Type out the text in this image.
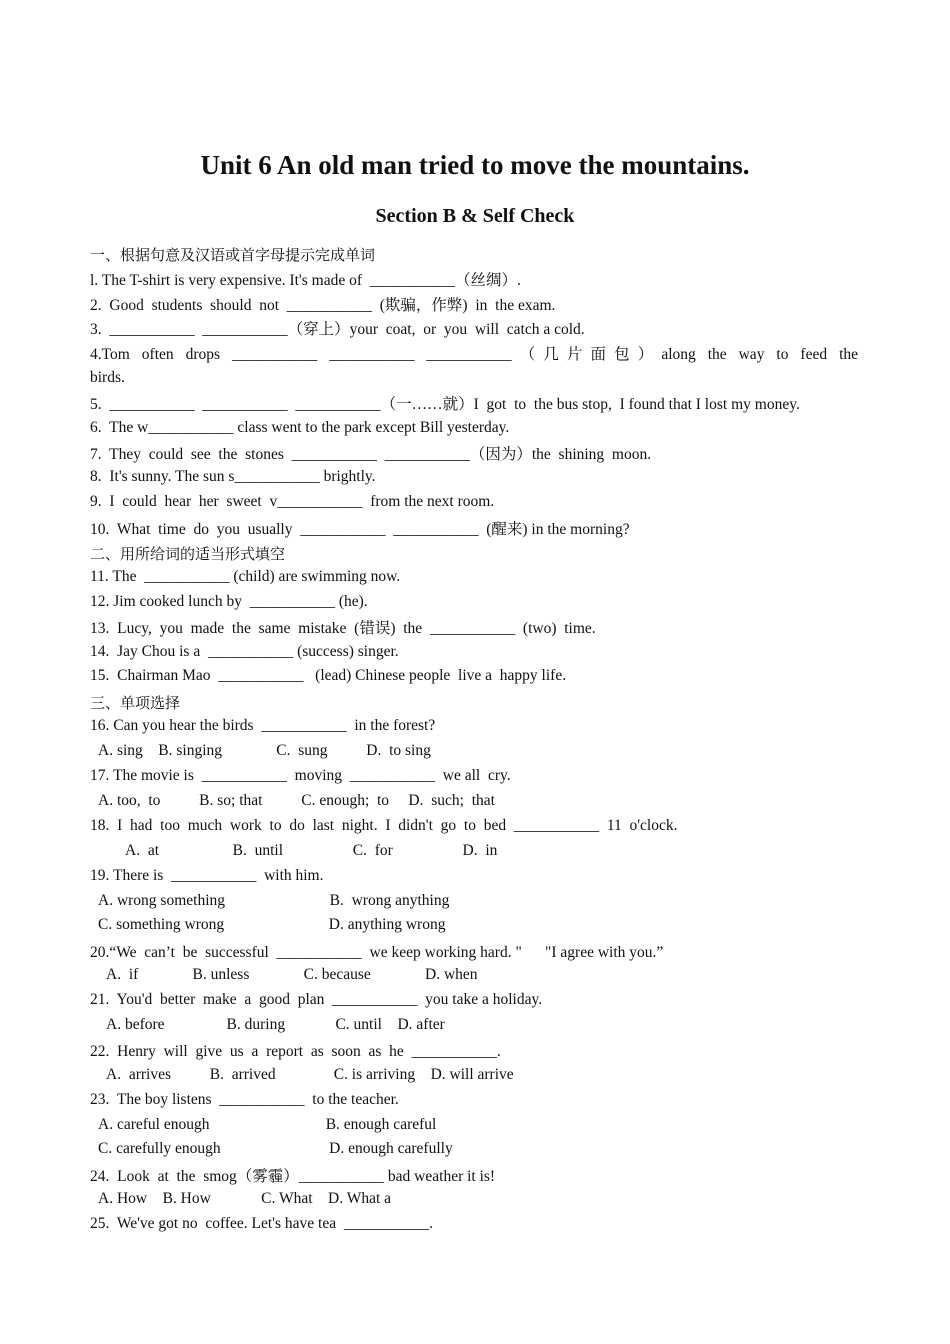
Unit 6 An old man tried to move the mountains.
Section B & Self Check
一、根据句意及汉语或首字母提示完成单词
l. The T-shirt is very expensive. It's made of  ___________（丝绸）.
2.  Good  students  should  not  ___________  (欺骗，作弊)  in  the exam.
3.  ___________  ___________（穿上）your  coat,  or  you  will  catch a cold.
4.Tom often drops ___________ ___________ ___________（几片面包）along the way to feed the
birds.
5.  ___________  ___________  ___________（一……就）I  got  to  the bus stop,  I found that I lost my money.
6.  The w___________ class went to the park except Bill yesterday.
7.  They  could  see  the  stones  ___________  ___________（因为）the  shining  moon.
8.  It's sunny. The sun s___________ brightly.
9.  I  could  hear  her  sweet  v___________  from the next room.
10.  What  time  do  you  usually  ___________  ___________  (醒来) in the morning?
二、用所给词的适当形式填空
11. The  ___________ (child) are swimming now.
12. Jim cooked lunch by  ___________ (he).
13.  Lucy,  you  made  the  same  mistake  (错误)  the  ___________  (two)  time.
14.  Jay Chou is a  ___________ (success) singer.
15.  Chairman Mao  ___________   (lead) Chinese people  live a  happy life.
三、单项选择
16. Can you hear the birds  ___________  in the forest?
A. sing    B. singing              C.  sung          D.  to sing
17. The movie is  ___________  moving  ___________  we all  cry.
A. too,  to          B. so; that          C. enough;  to     D.  such;  that
18.  I  had  too  much  work  to  do  last  night.  I  didn't  go  to  bed  ___________  11  o'clock.
A.  at                   B.  until                  C.  for                  D.  in
19. There is  ___________  with him.
A. wrong something                           B.  wrong anything
C. something wrong                           D. anything wrong
20.“We  can’t  be  successful  ___________  we keep working hard. "      "I agree with you.”
A.  if              B. unless              C. because              D. when
21.  You'd  better  make  a  good  plan  ___________  you take a holiday.
A. before                B. during             C. until    D. after
22.  Henry  will  give  us  a  report  as  soon  as  he  ___________.
A.  arrives          B.  arrived               C. is arriving    D. will arrive
23.  The boy listens  ___________  to the teacher.
A. careful enough                              B. enough careful
C. carefully enough                            D. enough carefully
24.  Look  at  the  smog（雾霾）___________ bad weather it is!
A. How    B. How             C. What    D. What a
25.  We've got no  coffee. Let's have tea  ___________.
